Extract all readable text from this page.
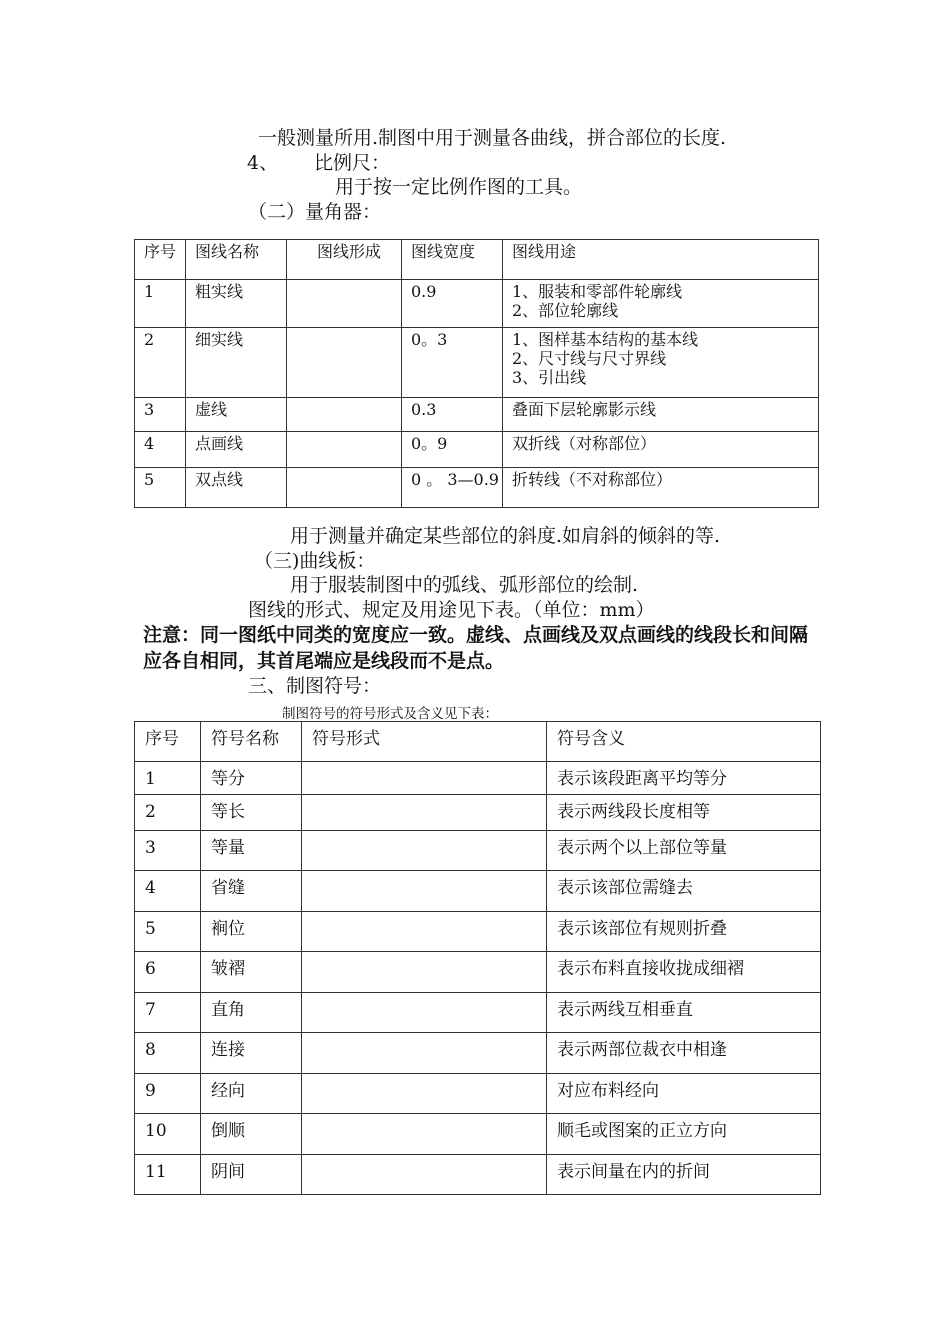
一般测量所用.制图中用于测量各曲线，拼合部位的长度.
4、 比例尺：
用于按一定比例作图的工具。
（二）量角器：
序号	图线名称	图线形成	图线宽度	图线用途
1	粗实线		0.9	1、服装和零部件轮廓线
2、部位轮廓线

2	细实线		0。3	1、图样基本结构的基本线
2、尺寸线与尺寸界线
3、引出线

3	虚线		0.3	叠面下层轮廓影示线

4	点画线		0。9	双折线（对称部位）

5	双点线		0 。 3—0.9	折转线（不对称部位）
用于测量并确定某些部位的斜度.如肩斜的倾斜的等.
（三)曲线板：
用于服装制图中的弧线、弧形部位的绘制.
图线的形式、规定及用途见下表。（单位：mm）
注意：同一图纸中同类的宽度应一致。虚线、点画线及双点画线的线段长和间隔应各自相同，其首尾端应是线段而不是点。
三、制图符号：
制图符号的符号形式及含义见下表：
序号	符号名称	符号形式	符号含义
1	等分		表示该段距离平均等分
2	等长		表示两线段长度相等
3	等量		表示两个以上部位等量
4	省缝		表示该部位需缝去
5	裥位		表示该部位有规则折叠
6	皱褶		表示布料直接收拢成细褶
7	直角		表示两线互相垂直
8	连接		表示两部位裁衣中相逢
9	经向		对应布料经向
10	倒顺		顺毛或图案的正立方向
11	阴间		表示间量在内的折间
